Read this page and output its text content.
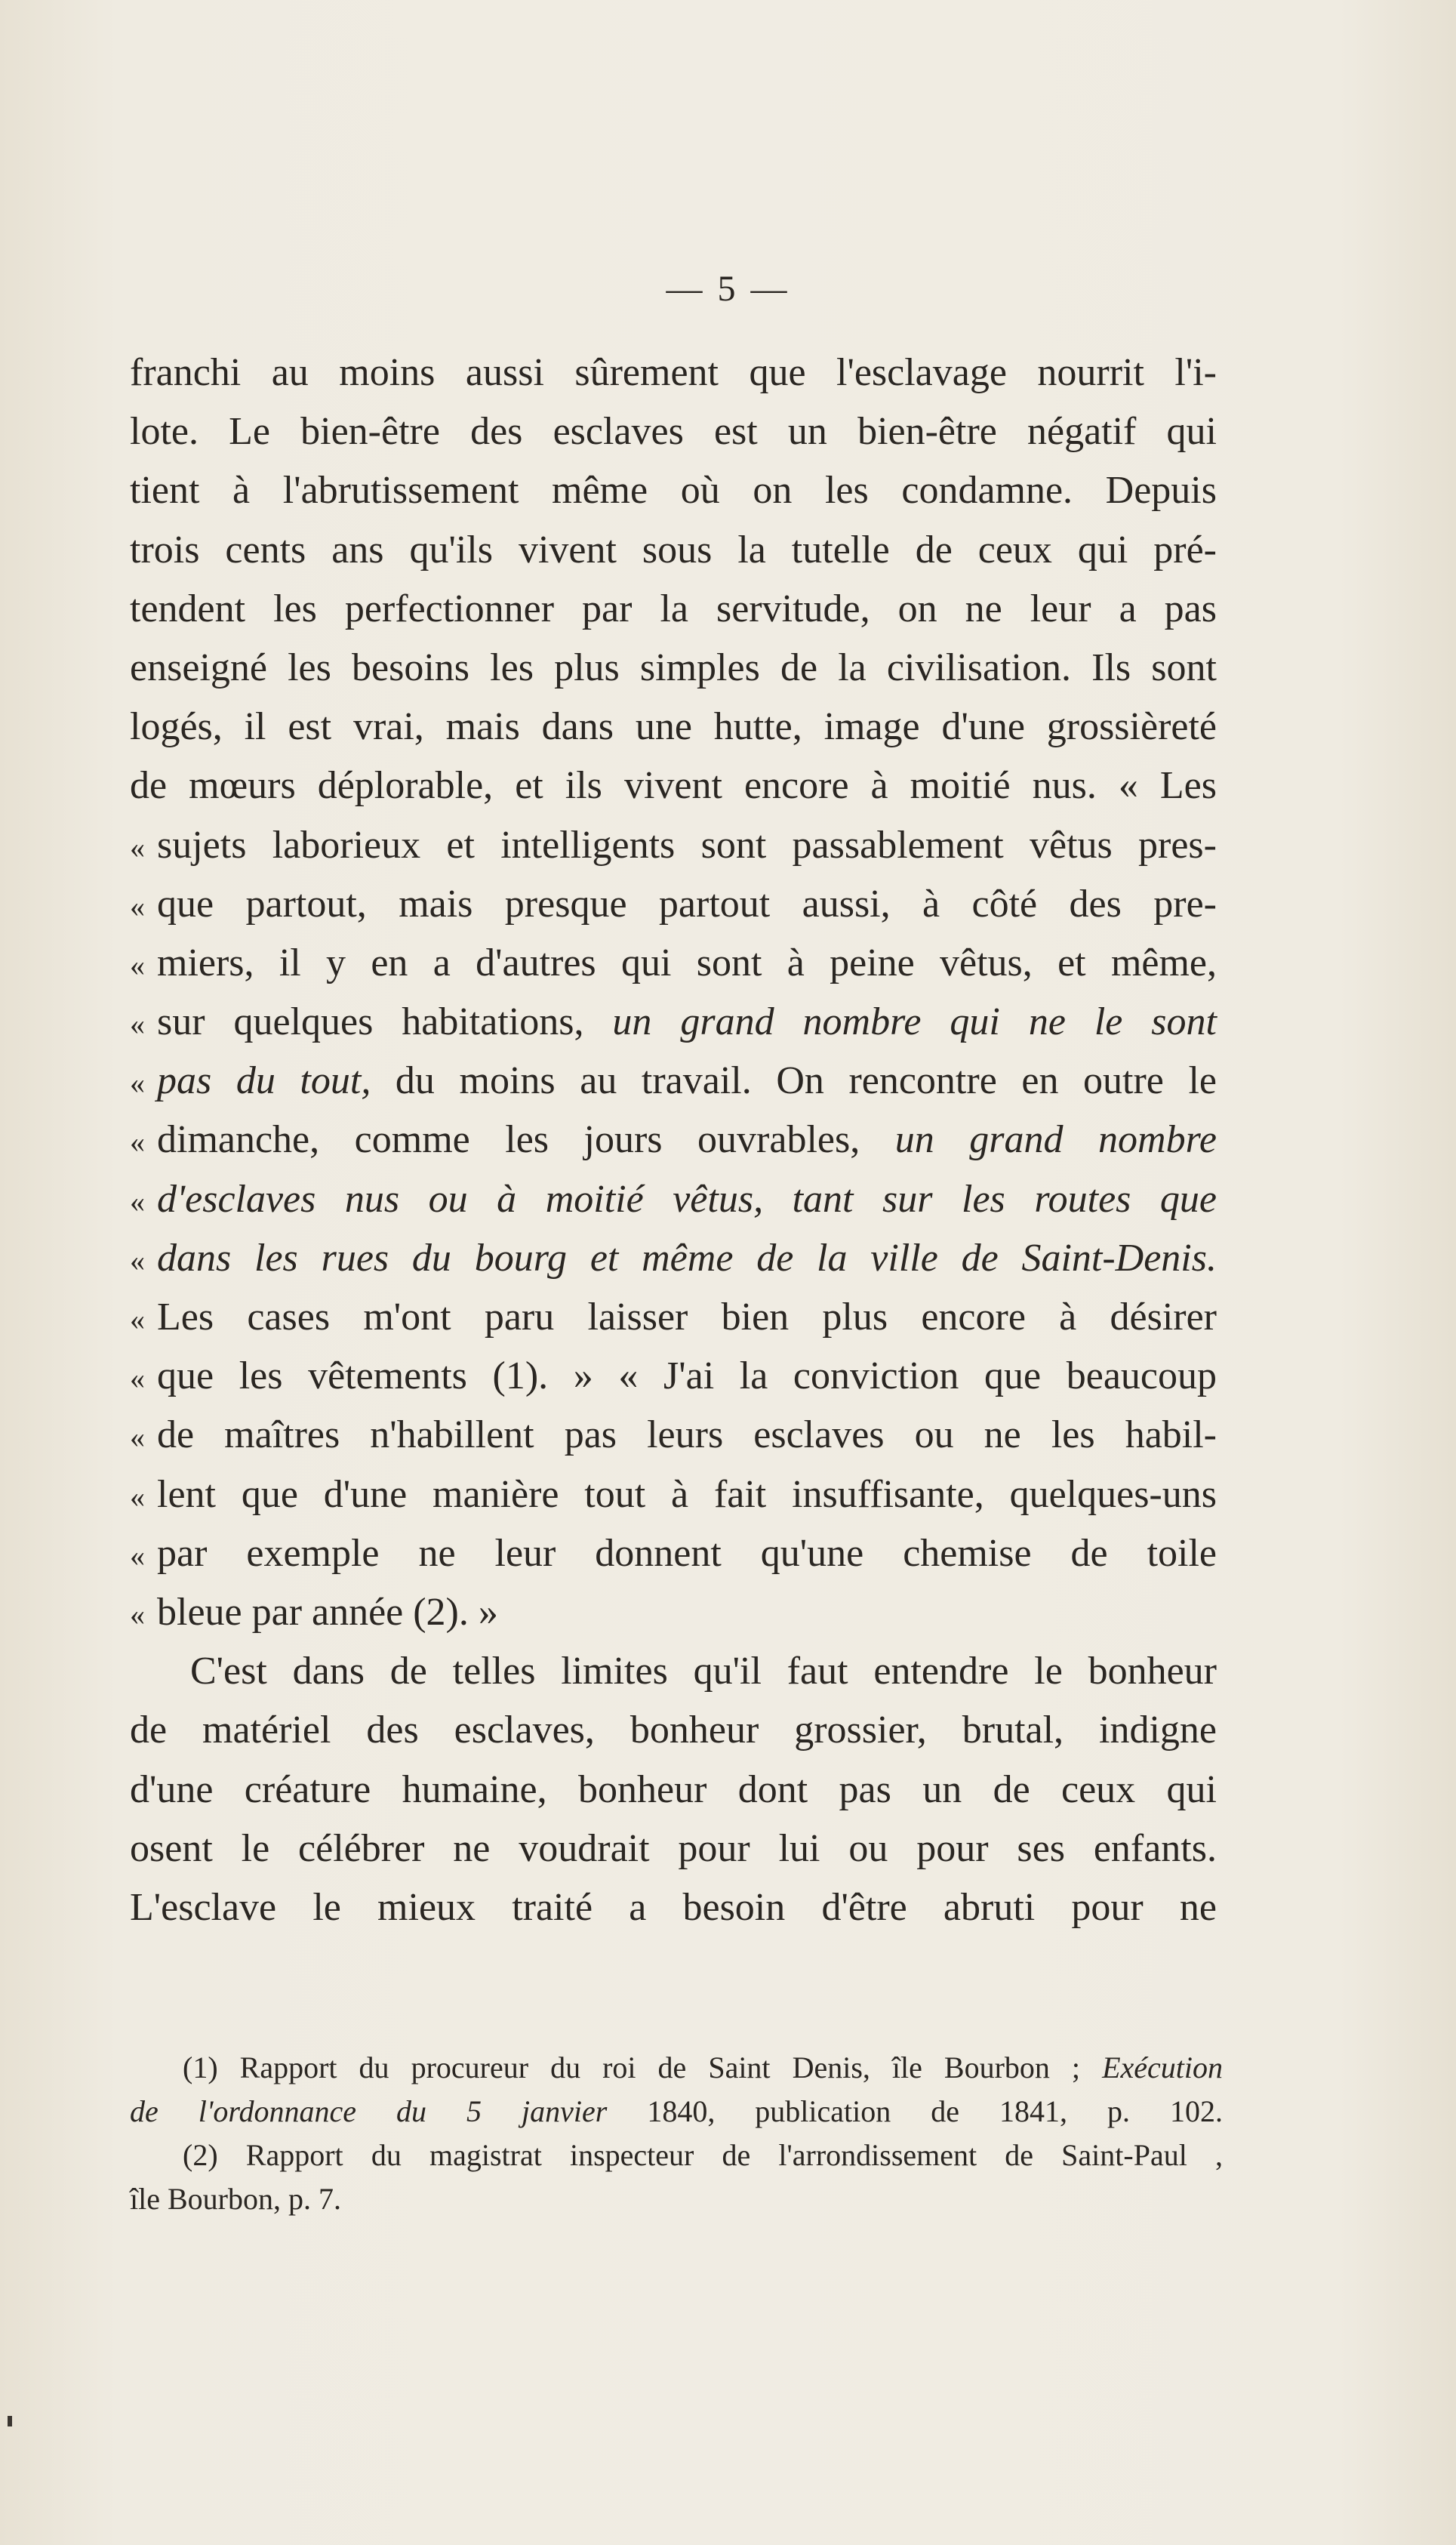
— 5 —
franchi au moins aussi sûrement que l'esclavage nourrit l'i-
lote. Le bien-être des esclaves est un bien-être négatif qui
tient à l'abrutissement même où on les condamne. Depuis
trois cents ans qu'ils vivent sous la tutelle de ceux qui pré-
tendent les perfectionner par la servitude, on ne leur a pas
enseigné les besoins les plus simples de la civilisation. Ils sont
logés, il est vrai, mais dans une hutte, image d'une grossièreté
de mœurs déplorable, et ils vivent encore à moitié nus. « Les
« sujets laborieux et intelligents sont passablement vêtus pres-
« que partout, mais presque partout aussi, à côté des pre-
« miers, il y en a d'autres qui sont à peine vêtus, et même,
« sur quelques habitations, un grand nombre qui ne le sont
« pas du tout, du moins au travail. On rencontre en outre le
« dimanche, comme les jours ouvrables, un grand nombre
« d'esclaves nus ou à moitié vêtus, tant sur les routes que
« dans les rues du bourg et même de la ville de Saint-Denis.
« Les cases m'ont paru laisser bien plus encore à désirer
« que les vêtements (1). » « J'ai la conviction que beaucoup
« de maîtres n'habillent pas leurs esclaves ou ne les habil-
« lent que d'une manière tout à fait insuffisante, quelques-uns
« par exemple ne leur donnent qu'une chemise de toile
« bleue par année (2). »
C'est dans de telles limites qu'il faut entendre le bonheur
de matériel des esclaves, bonheur grossier, brutal, indigne
d'une créature humaine, bonheur dont pas un de ceux qui
osent le célébrer ne voudrait pour lui ou pour ses enfants.
L'esclave le mieux traité a besoin d'être abruti pour ne
(1) Rapport du procureur du roi de Saint Denis, île Bourbon ; Exécution
de l'ordonnance du 5 janvier 1840, publication de 1841, p. 102.
(2) Rapport du magistrat inspecteur de l'arrondissement de Saint-Paul ,
île Bourbon, p. 7.
